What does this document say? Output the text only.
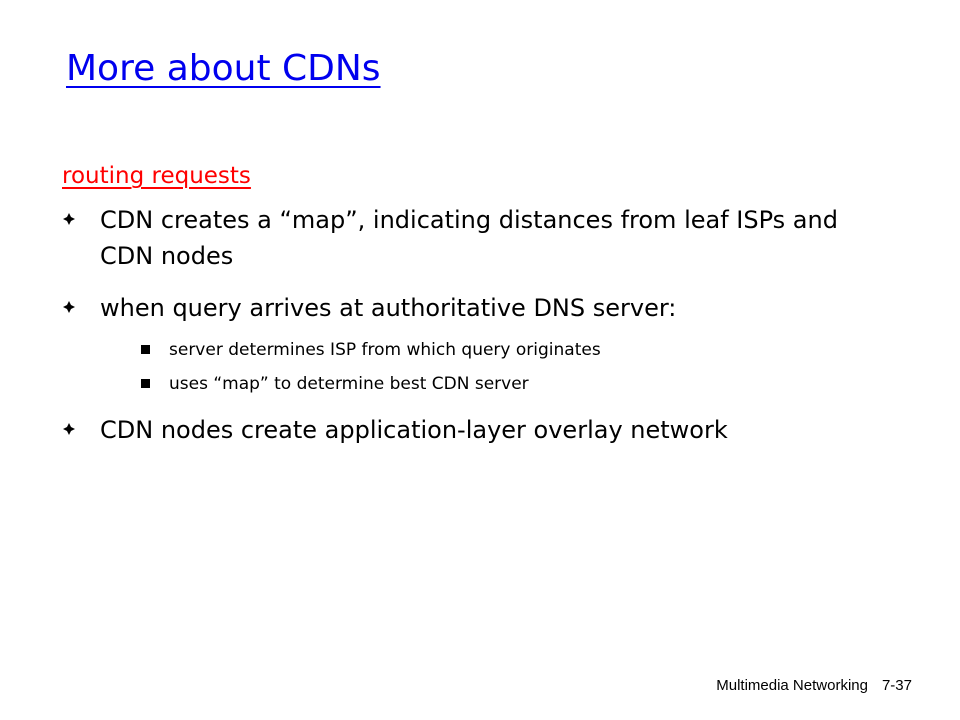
More about CDNs
routing requests
CDN creates a “map”, indicating distances from leaf ISPs and CDN nodes
when query arrives at authoritative DNS server:
server determines ISP from which query originates
uses “map” to determine best CDN server
CDN nodes create application-layer overlay network
Multimedia Networking 7-37
